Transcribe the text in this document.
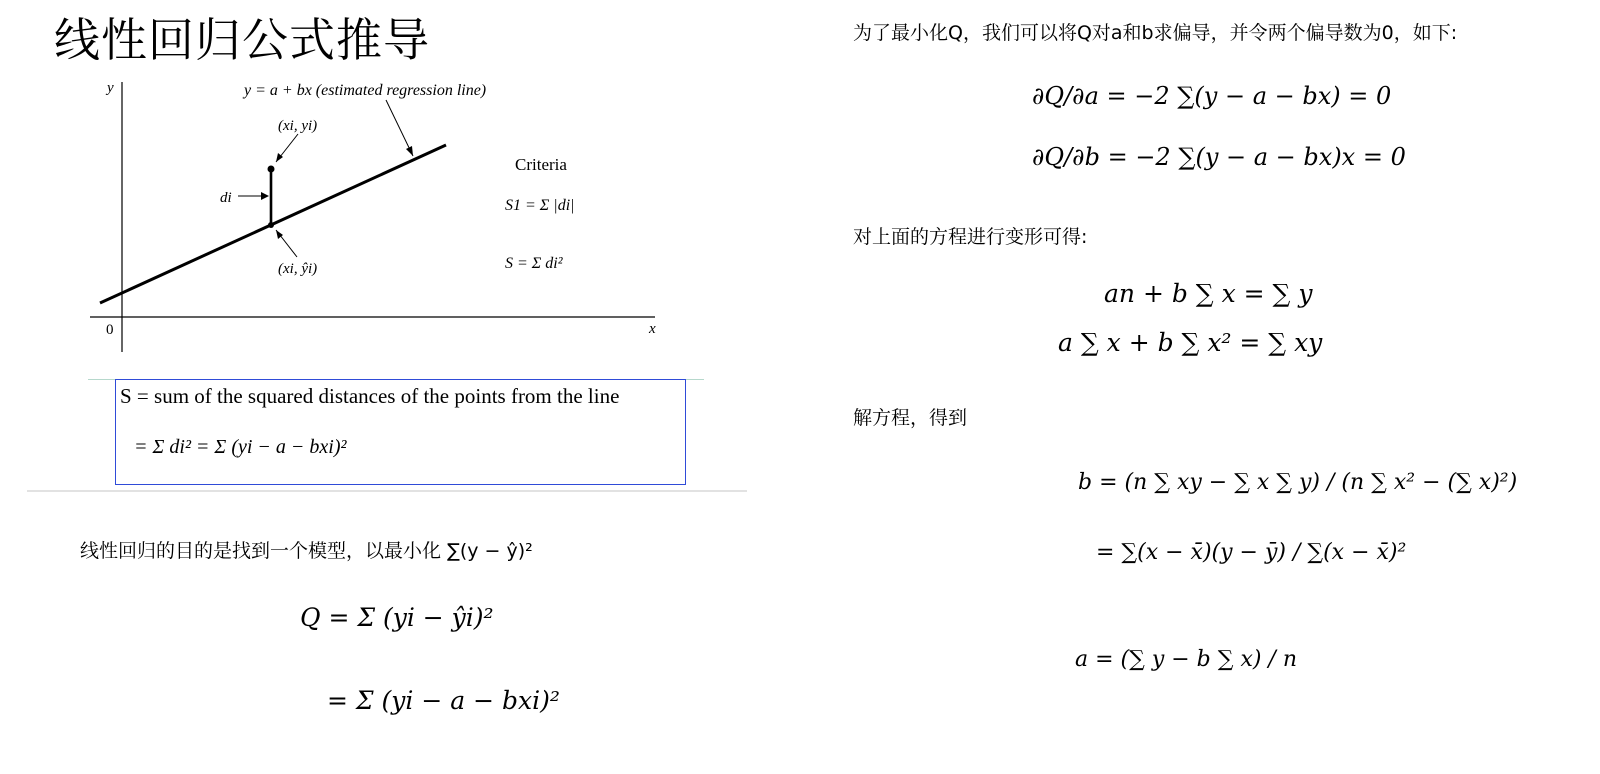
线性回归公式推导
y
x
0
y = a + bx (estimated regression line)
(xi, yi)
(xi, ŷi)
di
Criteria
S1 = Σ |di|
S = Σ di²
S = sum of the squared distances of the points from the line
= Σ di² = Σ (yi − a − bxi)²
线性回归的目的是找到一个模型，以最小化 ∑(y − ŷ)²
Q = Σ (yi − ŷi)²
= Σ (yi − a − bxi)²
为了最小化Q，我们可以将Q对a和b求偏导，并令两个偏导数为0，如下:
∂Q/∂a = −2 ∑(y − a − bx) = 0
∂Q/∂b = −2 ∑(y − a − bx)x = 0
对上面的方程进行变形可得:
an + b ∑ x = ∑ y
a ∑ x + b ∑ x² = ∑ xy
解方程，得到
b = (n ∑ xy − ∑ x ∑ y) / (n ∑ x² − (∑ x)²)
= ∑(x − x̄)(y − ȳ) / ∑(x − x̄)²
a = (∑ y − b ∑ x) / n
